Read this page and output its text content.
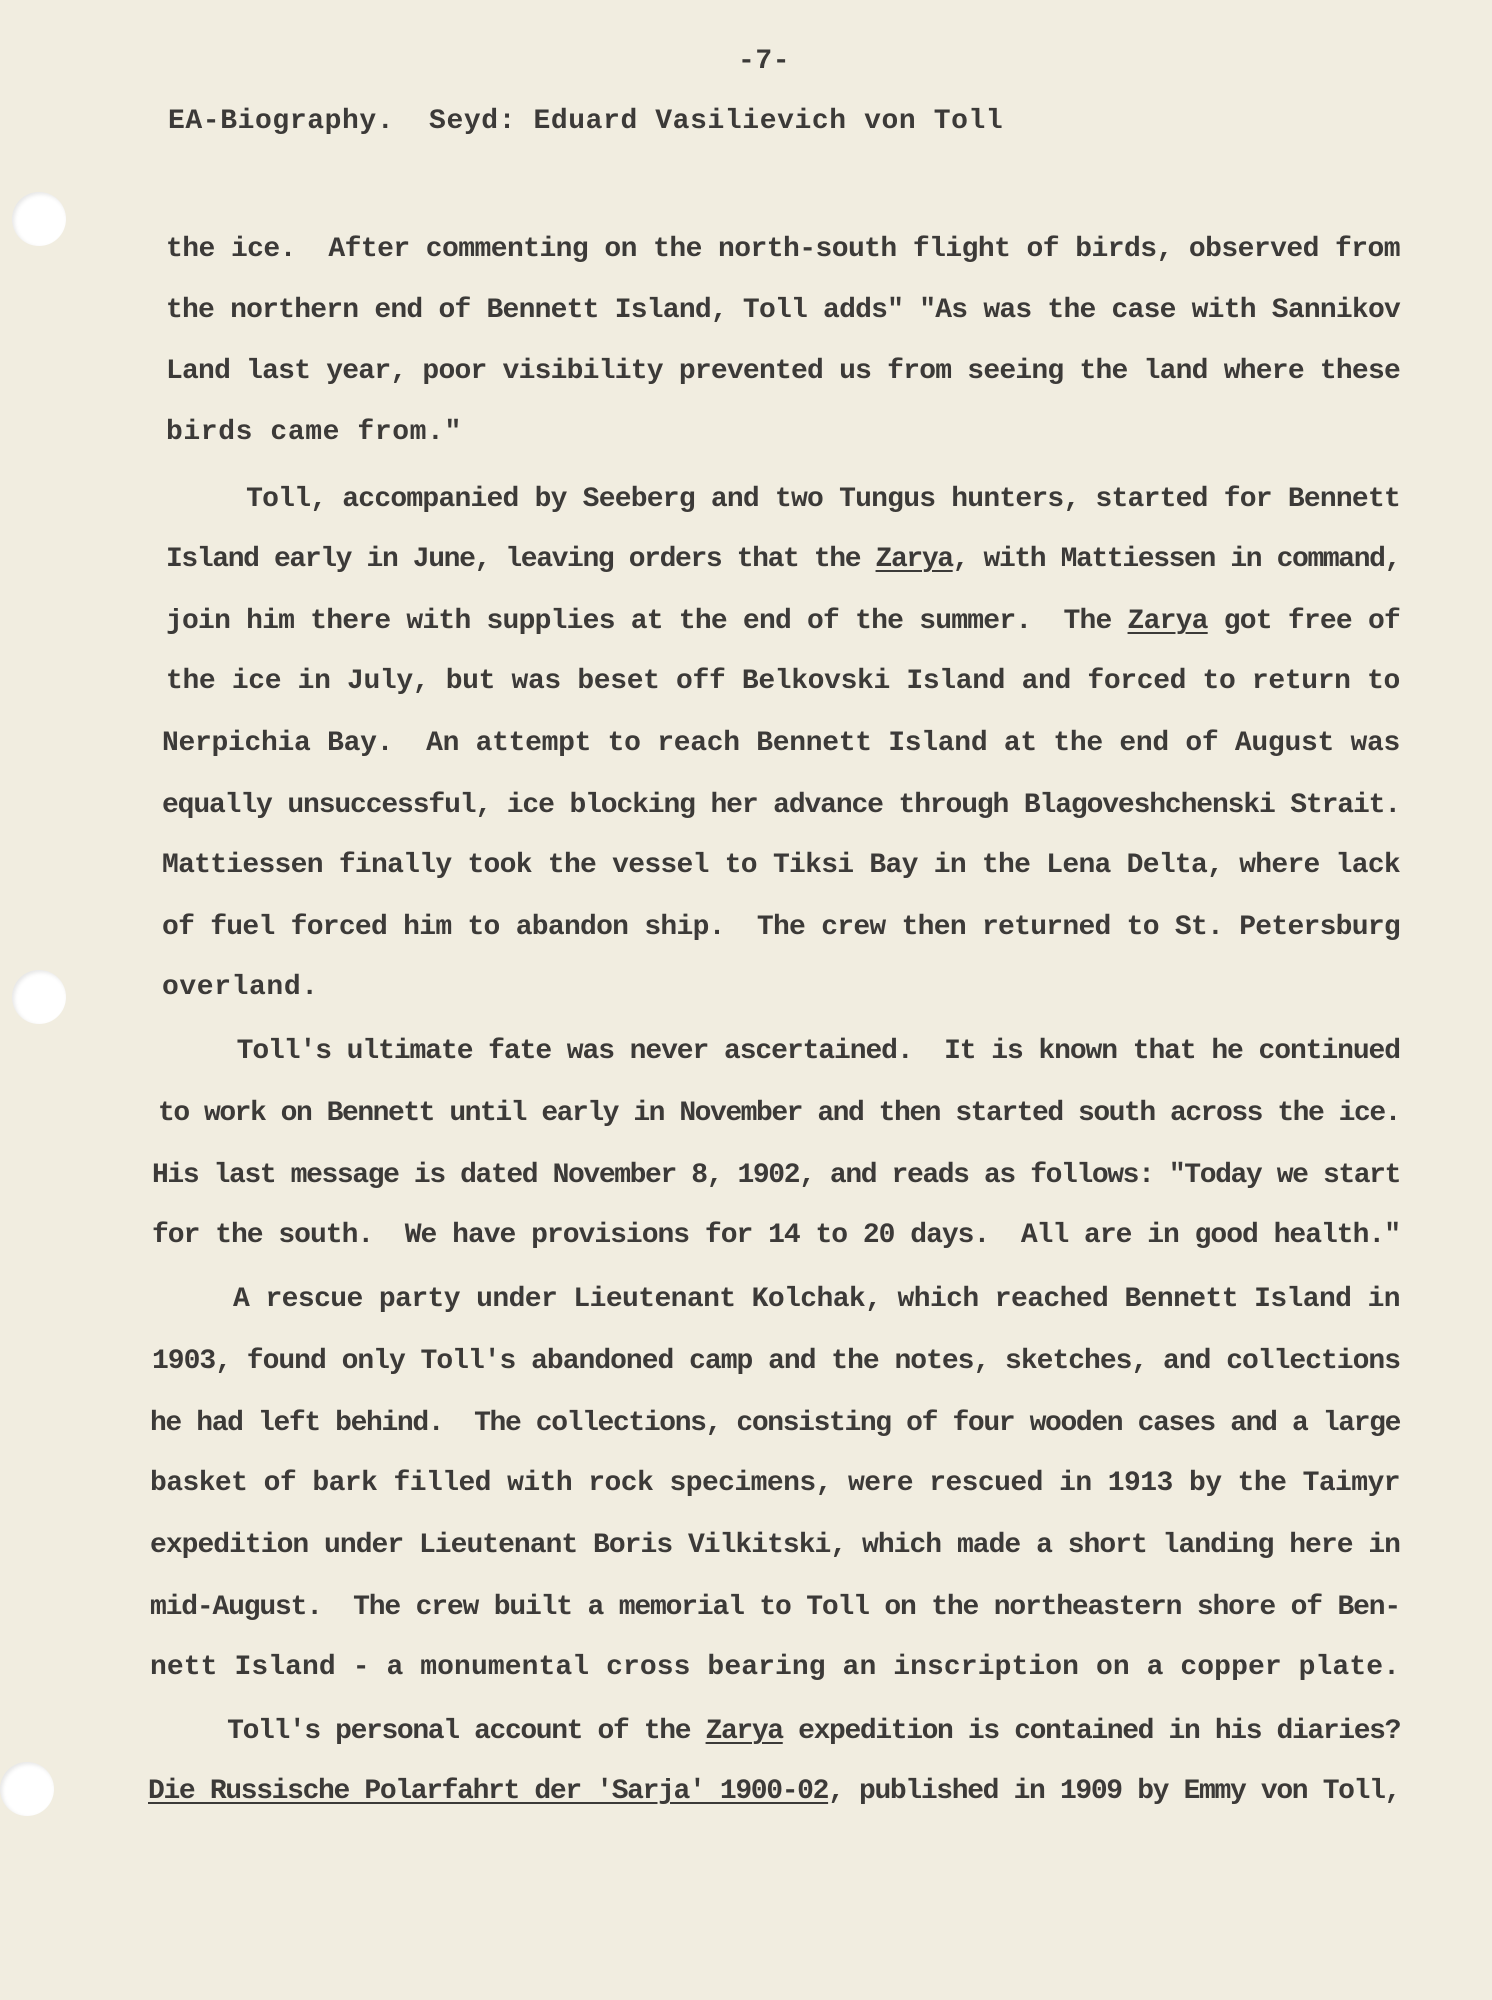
-7-
EA-Biography.  Seyd: Eduard Vasilievich von Toll
the ice.  After commenting on the north-south flight of birds, observed from
the northern end of Bennett Island, Toll adds" "As was the case with Sannikov
Land last year, poor visibility prevented us from seeing the land where these
birds came from."
Toll, accompanied by Seeberg and two Tungus hunters, started for Bennett
Island early in June, leaving orders that the Zarya, with Mattiessen in command,
join him there with supplies at the end of the summer.  The Zarya got free of
the ice in July, but was beset off Belkovski Island and forced to return to
Nerpichia Bay.  An attempt to reach Bennett Island at the end of August was
equally unsuccessful, ice blocking her advance through Blagoveshchenski Strait.
Mattiessen finally took the vessel to Tiksi Bay in the Lena Delta, where lack
of fuel forced him to abandon ship.  The crew then returned to St. Petersburg
overland.
Toll's ultimate fate was never ascertained.  It is known that he continued
to work on Bennett until early in November and then started south across the ice.
His last message is dated November 8, 1902, and reads as follows: "Today we start
for the south.  We have provisions for 14 to 20 days.  All are in good health."
A rescue party under Lieutenant Kolchak, which reached Bennett Island in
1903, found only Toll's abandoned camp and the notes, sketches, and collections
he had left behind.  The collections, consisting of four wooden cases and a large
basket of bark filled with rock specimens, were rescued in 1913 by the Taimyr
expedition under Lieutenant Boris Vilkitski, which made a short landing here in
mid-August.  The crew built a memorial to Toll on the northeastern shore of Ben-
nett Island - a monumental cross bearing an inscription on a copper plate.
Toll's personal account of the Zarya expedition is contained in his diaries?
Die Russische Polarfahrt der 'Sarja' 1900-02, published in 1909 by Emmy von Toll,
